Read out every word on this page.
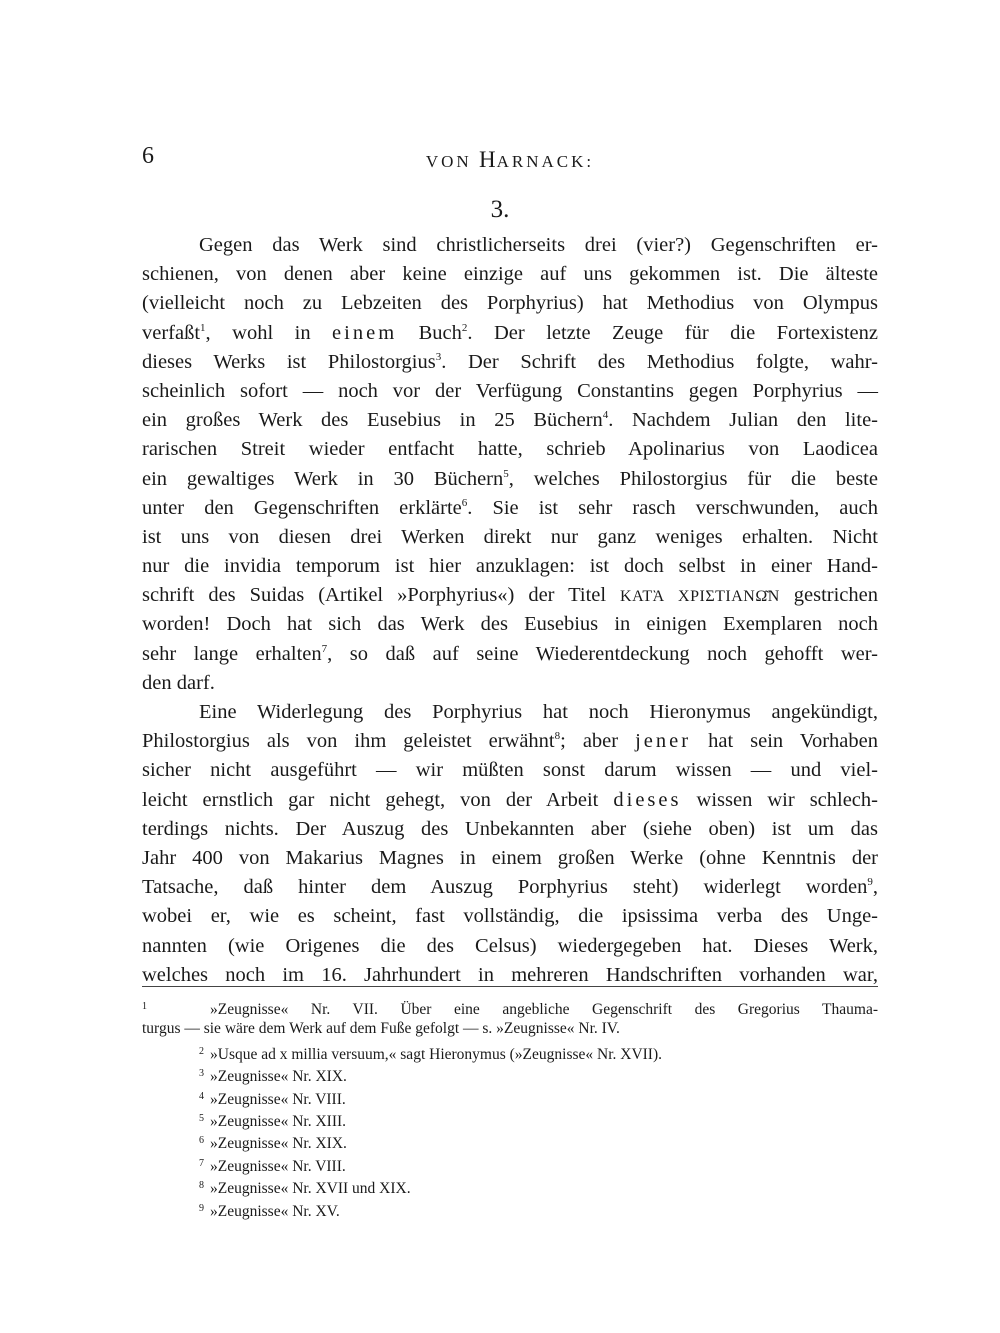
6	VON HARNACK:
3.
Gegen das Werk sind christlicherseits drei (vier?) Gegenschriften er-
schienen, von denen aber keine einzige auf uns gekommen ist. Die älteste
(vielleicht noch zu Lebzeiten des Porphyrius) hat Methodius von Olympus
verfaßt$^1$, wohl in einem Buch$^2$. Der letzte Zeuge für die Fortexistenz
dieses Werks ist Philostorgius$^3$. Der Schrift des Methodius folgte, wahr-
scheinlich sofort — noch vor der Verfügung Constantins gegen Porphyrius —
ein großes Werk des Eusebius in 25 Büchern$^4$. Nachdem Julian den lite-
rarischen Streit wieder entfacht hatte, schrieb Apolinarius von Laodicea
ein gewaltiges Werk in 30 Büchern$^5$, welches Philostorgius für die beste
unter den Gegenschriften erklärte$^6$. Sie ist sehr rasch verschwunden, auch
ist uns von diesen drei Werken direkt nur ganz weniges erhalten. Nicht
nur die invidia temporum ist hier anzuklagen: ist doch selbst in einer Hand-
schrift des Suidas (Artikel »Porphyrius«) der Titel ΚΑΤᾺ ΧΡΙΣΤΙΑΝΩ͂Ν gestrichen
worden! Doch hat sich das Werk des Eusebius in einigen Exemplaren noch
sehr lange erhalten$^7$, so daß auf seine Wiederentdeckung noch gehofft wer-
den darf.
Eine Widerlegung des Porphyrius hat noch Hieronymus angekündigt,
Philostorgius als von ihm geleistet erwähnt$^8$; aber jener hat sein Vorhaben
sicher nicht ausgeführt — wir müßten sonst darum wissen — und viel-
leicht ernstlich gar nicht gehegt, von der Arbeit dieses wissen wir schlech-
terdings nichts. Der Auszug des Unbekannten aber (siehe oben) ist um das
Jahr 400 von Makarius Magnes in einem großen Werke (ohne Kenntnis der
Tatsache, daß hinter dem Auszug Porphyrius steht) widerlegt worden$^9$,
wobei er, wie es scheint, fast vollständig, die ipsissima verba des Unge-
nannten (wie Origenes die des Celsus) wiedergegeben hat. Dieses Werk,
welches noch im 16. Jahrhundert in mehreren Handschriften vorhanden war,
1	»Zeugnisse« Nr. VII. Über eine angebliche Gegenschrift des Gregorius Thauma-
turgus — sie wäre dem Werk auf dem Fuße gefolgt — s. »Zeugnisse« Nr. IV.
2 »Usque ad x millia versuum,« sagt Hieronymus (»Zeugnisse« Nr. XVII).
3 »Zeugnisse« Nr. XIX.
4 »Zeugnisse« Nr. VIII.
5 »Zeugnisse« Nr. XIII.
6 »Zeugnisse« Nr. XIX.
7 »Zeugnisse« Nr. VIII.
8 »Zeugnisse« Nr. XVII und XIX.
9 »Zeugnisse« Nr. XV.
